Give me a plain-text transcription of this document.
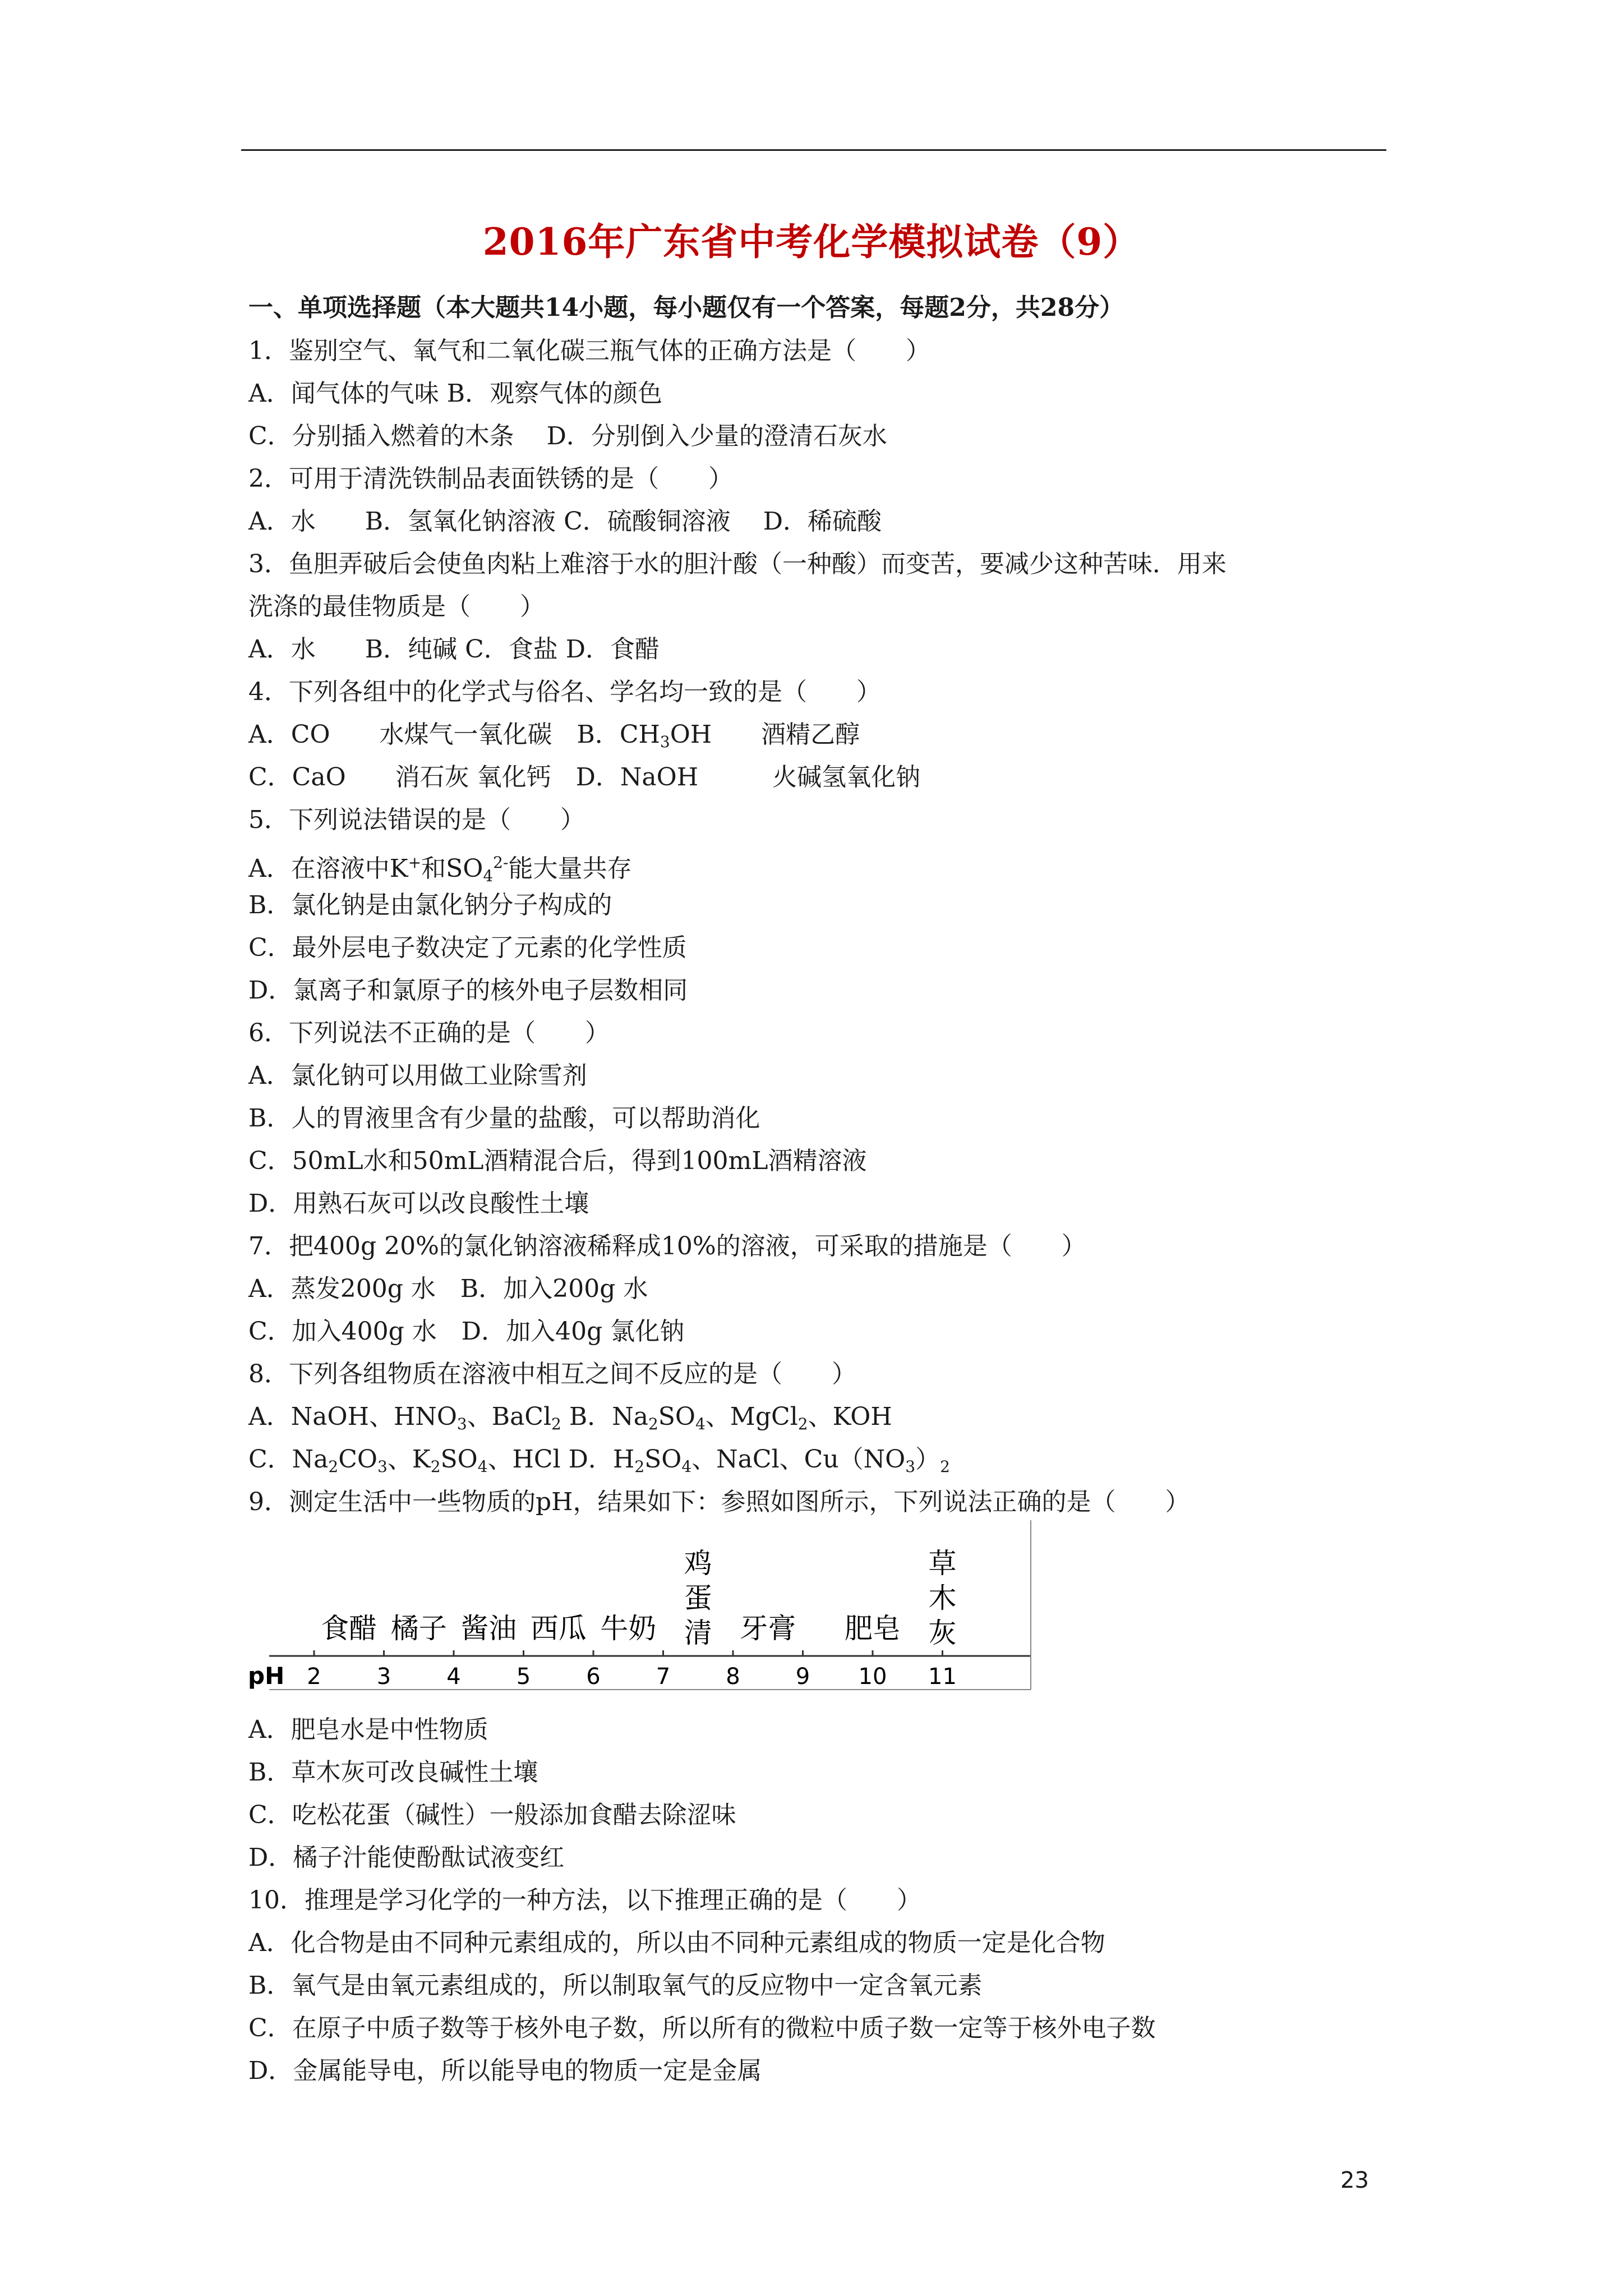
2016年广东省中考化学模拟试卷（9）
一、单项选择题（本大题共14小题，每小题仅有一个答案，每题2分，共28分）
1．鉴别空气、氧气和二氧化碳三瓶气体的正确方法是（　　）
A．闻气体的气味 B．观察气体的颜色
C．分别插入燃着的木条　 D．分别倒入少量的澄清石灰水
2．可用于清洗铁制品表面铁锈的是（　　）
A．水　　B．氢氧化钠溶液 C．硫酸铜溶液　 D．稀硫酸
3．鱼胆弄破后会使鱼肉粘上难溶于水的胆汁酸（一种酸）而变苦，要减少这种苦味．用来
洗涤的最佳物质是（　　）
A．水　　B．纯碱 C．食盐 D．食醋
4．下列各组中的化学式与俗名、学名均一致的是（　　）
A．CO　　水煤气一氧化碳　B．$CH_3OH$　　酒精乙醇
C．CaO　　消石灰 氧化钙　D．NaOH　　　火碱氢氧化钠
5．下列说法错误的是（　　）
A．在溶液中K+和$SO_4^{2-}$能大量共存
B．氯化钠是由氯化钠分子构成的
C．最外层电子数决定了元素的化学性质
D．氯离子和氯原子的核外电子层数相同
6．下列说法不正确的是（　　）
A．氯化钠可以用做工业除雪剂
B．人的胃液里含有少量的盐酸，可以帮助消化
C．50mL水和50mL酒精混合后，得到100mL酒精溶液
D．用熟石灰可以改良酸性土壤
7．把400g 20%的氯化钠溶液稀释成10%的溶液，可采取的措施是（　　）
A．蒸发200g 水　B．加入200g 水
C．加入400g 水　D．加入40g 氯化钠
8．下列各组物质在溶液中相互之间不反应的是（　　）
A．NaOH、$HNO_3$、BaCl$_2$ B．$Na_2SO_4$、MgCl$_2$、KOH
C．$Na_2CO_3$、$K_2SO_4$、HCl D．$H_2SO_4$、NaCl、$Cu(NO_3)_2$
9．测定生活中一些物质的pH，结果如下：参照如图所示，下列说法正确的是（　　）
A．肥皂水是中性物质
B．草木灰可改良碱性土壤
C．吃松花蛋（碱性）一般添加食醋去除涩味
D．橘子汁能使酚酞试液变红
10．推理是学习化学的一种方法，以下推理正确的是（　　）
A．化合物是由不同种元素组成的，所以由不同种元素组成的物质一定是化合物
B．氧气是由氧元素组成的，所以制取氧气的反应物中一定含氧元素
C．在原子中质子数等于核外电子数，所以所有的微粒中质子数一定等于核外电子数
D．金属能导电，所以能导电的物质一定是金属
pH 2 3 4 5 6 7 8 9 10 11
食醋 橘子 酱油 西瓜 牛奶
鸡蛋清 牙膏 肥皂
草木灰
23
